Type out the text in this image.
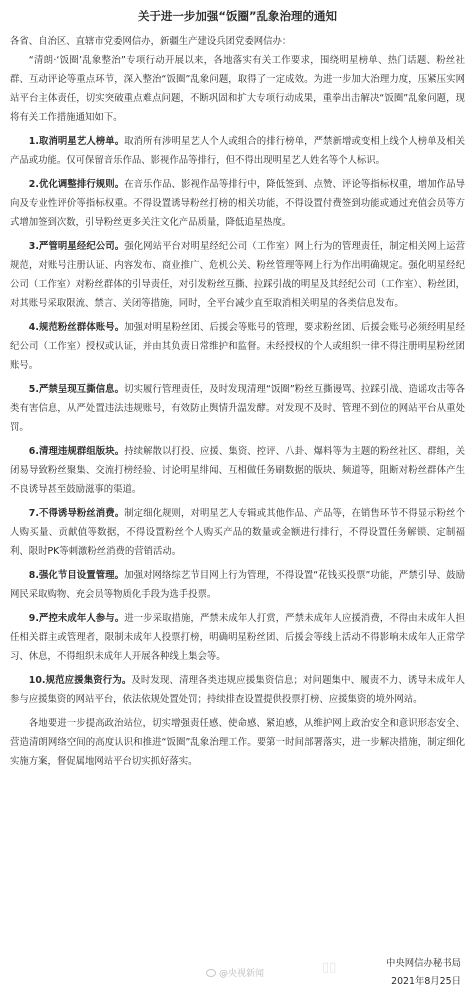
关于进一步加强“饭圈”乱象治理的通知

各省、自治区、直辖市党委网信办，新疆生产建设兵团党委网信办：

“清朗·‘饭圈’乱象整治”专项行动开展以来，各地落实有关工作要求，围绕明星榜单、热门话题、粉丝社群、互动评论等重点环节，深入整治“饭圈”乱象问题，取得了一定成效。为进一步加大治理力度，压紧压实网站平台主体责任，切实突破重点难点问题，不断巩固和扩大专项行动成果，重拳出击解决“饭圈”乱象问题，现将有关工作措施通知如下。

1.取消明星艺人榜单。取消所有涉明星艺人个人或组合的排行榜单，严禁新增或变相上线个人榜单及相关产品或功能。仅可保留音乐作品、影视作品等排行，但不得出现明星艺人姓名等个人标识。

2.优化调整排行规则。在音乐作品、影视作品等排行中，降低签到、点赞、评论等指标权重，增加作品导向及专业性评价等指标权重。不得设置诱导粉丝打榜的相关功能，不得设置付费签到功能或通过充值会员等方式增加签到次数，引导粉丝更多关注文化产品质量，降低追星热度。

3.严管明星经纪公司。强化网站平台对明星经纪公司（工作室）网上行为的管理责任，制定相关网上运营规范，对账号注册认证、内容发布、商业推广、危机公关、粉丝管理等网上行为作出明确规定。强化明星经纪公司（工作室）对粉丝群体的引导责任，对引发粉丝互撕、拉踩引战的明星及其经纪公司（工作室）、粉丝团，对其账号采取限流、禁言、关闭等措施，同时，全平台减少直至取消相关明星的各类信息发布。

4.规范粉丝群体账号。加强对明星粉丝团、后援会等账号的管理，要求粉丝团、后援会账号必须经明星经纪公司（工作室）授权或认证，并由其负责日常维护和监督。未经授权的个人或组织一律不得注册明星粉丝团账号。

5.严禁呈现互撕信息。切实履行管理责任，及时发现清理“饭圈”粉丝互撕谩骂、拉踩引战、造谣攻击等各类有害信息，从严处置违法违规账号，有效防止舆情升温发酵。对发现不及时、管理不到位的网站平台从重处罚。

6.清理违规群组版块。持续解散以打投、应援、集资、控评、八卦、爆料等为主题的粉丝社区、群组，关闭易导致粉丝聚集、交流打榜经验、讨论明星绯闻、互相做任务刷数据的版块、频道等，阻断对粉丝群体产生不良诱导甚至鼓励滋事的渠道。

7.不得诱导粉丝消费。制定细化规则，对明星艺人专辑或其他作品、产品等，在销售环节不得显示粉丝个人购买量、贡献值等数据，不得设置粉丝个人购买产品的数量或金额进行排行，不得设置任务解锁、定制福利、限时PK等刺激粉丝消费的营销活动。

8.强化节目设置管理。加强对网络综艺节目网上行为管理，不得设置“花钱买投票”功能，严禁引导、鼓励网民采取购物、充会员等物质化手段为选手投票。

9.严控未成年人参与。进一步采取措施，严禁未成年人打赏，严禁未成年人应援消费，不得由未成年人担任相关群主或管理者，限制未成年人投票打榜，明确明星粉丝团、后援会等线上活动不得影响未成年人正常学习、休息，不得组织未成年人开展各种线上集会等。

10.规范应援集资行为。及时发现、清理各类违规应援集资信息；对问题集中、履责不力、诱导未成年人参与应援集资的网站平台，依法依规处置处罚；持续排查设置提供投票打榜、应援集资的境外网站。

各地要进一步提高政治站位，切实增强责任感、使命感、紧迫感，从维护网上政治安全和意识形态安全、营造清朗网络空间的高度认识和推进“饭圈”乱象治理工作。要第一时间部署落实，进一步解决措施，制定细化实施方案，督促属地网站平台切实抓好落实。

▯▯
@央视新闻
中央网信办秘书局
2021年8月25日
